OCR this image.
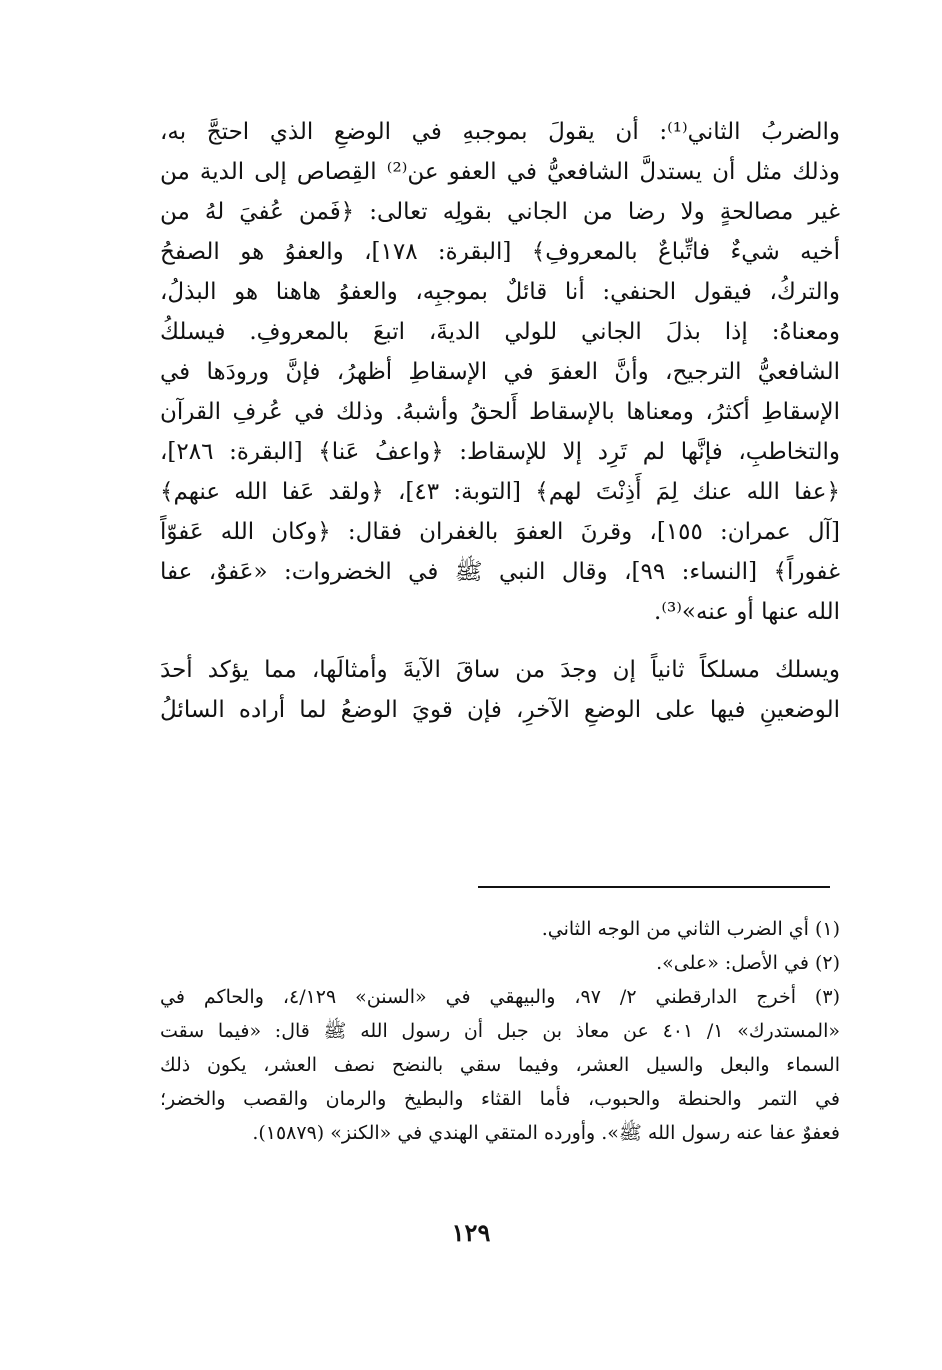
والضربُ الثاني⁽¹⁾: أن يقولَ بموجبهِ في الوضعِ الذي احتجَّ به،
وذلك مثل أن يستدلَّ الشافعيُّ في العفو عن⁽²⁾ القِصاص إلى الدية من
غير مصالحةٍ ولا رضا من الجاني بقولِه تعالى: ﴿فَمن عُفيَ لهُ من
أخيه شيءٌ فاتِّباعٌ بالمعروفِ﴾ [البقرة: ١٧٨]، والعفوُ هو الصفحُ
والتركُ، فيقول الحنفي: أنا قائلٌ بموجبِه، والعفوُ هاهنا هو البذلُ،
ومعناهُ: إذا بذلَ الجاني للولي الديةَ، اتبعَ بالمعروفِ. فيسلكُ
الشافعيُّ الترجيح، وأنَّ العفوَ في الإسقاطِ أظهرُ، فإنَّ ورودَها في
الإسقاطِ أكثرُ، ومعناها بالإسقاط أَلحقُ وأشبهُ. وذلك في عُرفِ القرآن
والتخاطبِ، فإنَّها لم تَرِد إلا للإسقاط: ﴿واعفُ عَنا﴾ [البقرة: ٢٨٦]،
﴿عفا الله عنك لِمَ أَذِنْتَ لهم﴾ [التوبة: ٤٣]، ﴿ولقد عَفا الله عنهم﴾
[آل عمران: ١٥٥]، وقرنَ العفوَ بالغفران فقال: ﴿وكان الله عَفوّاً
غفوراً﴾ [النساء: ٩٩]، وقال النبي ﷺ في الخضروات: «عَفوٌ، عفا
الله عنها أو عنه»⁽³⁾.
ويسلك مسلكاً ثانياً إن وجدَ من ساقَ الآيةَ وأمثالَها، مما يؤكد أحدَ
الوضعينِ فيها على الوضعِ الآخرِ، فإن قويَ الوضعُ لما أراده السائلُ
(١) أي الضرب الثاني من الوجه الثاني.
(٢) في الأصل: «على».
(٣) أخرج الدارقطني ٢/ ٩٧، والبيهقي في «السنن» ٤/١٢٩، والحاكم في
«المستدرك» ١/ ٤٠١ عن معاذ بن جبل أن رسول الله ﷺ قال: «فيما سقت
السماء والبعل والسيل العشر، وفيما سقي بالنضح نصف العشر، يكون ذلك
في التمر والحنطة والحبوب، فأما القثاء والبطيخ والرمان والقصب والخضر؛
فعفوٌ عفا عنه رسول الله ﷺ». وأورده المتقي الهندي في «الكنز» (١٥٨٧٩).
١٢٩
